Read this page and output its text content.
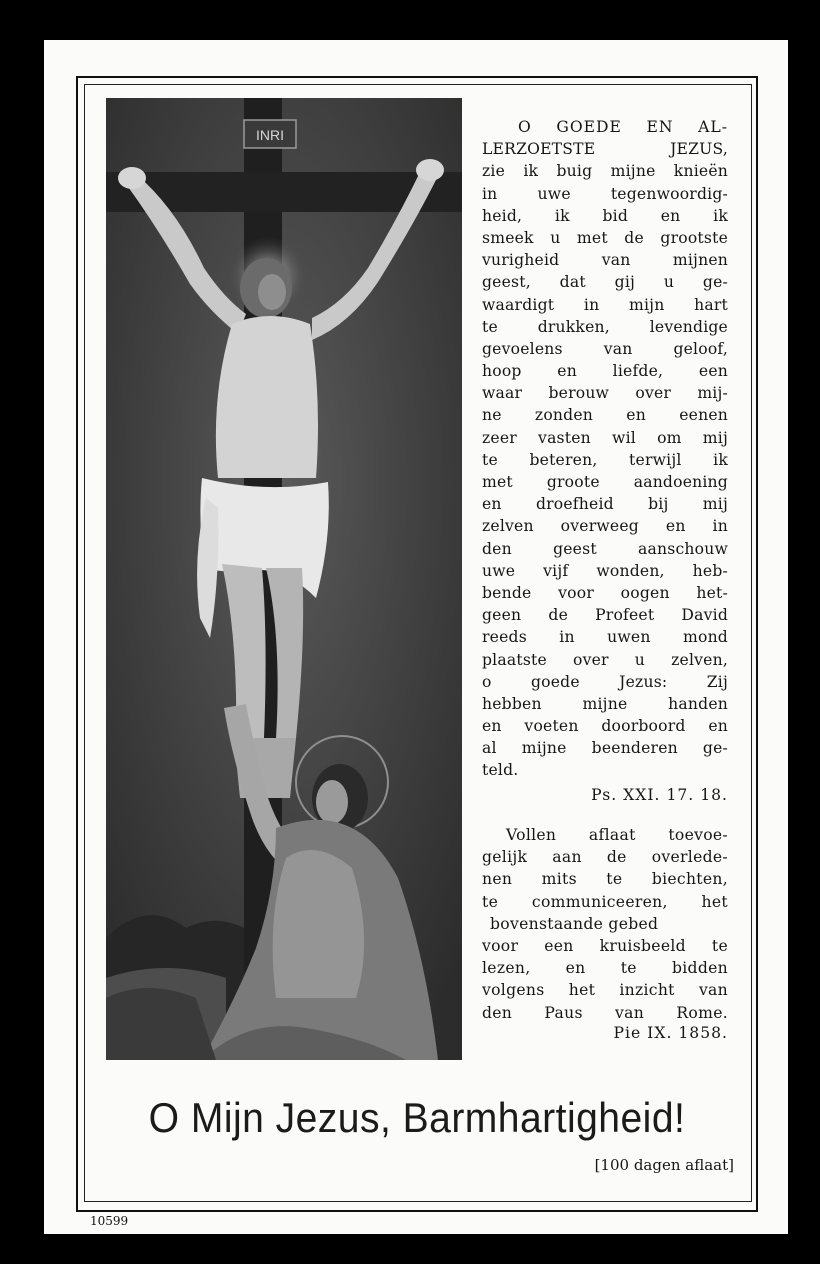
INRI	O GOEDE EN AL-
LERZOETSTE JEZUS,
zie ik buig mijne knieën
in uwe tegenwoordig-
heid, ik bid en ik
smeek u met de grootste
vurigheid van mijnen
geest, dat gij u ge-
waardigt in mijn hart
te drukken, levendige
gevoelens van geloof,
hoop en liefde, een
waar berouw over mij-
ne zonden en eenen
zeer vasten wil om mij
te beteren, terwijl ik
met groote aandoening
en droefheid bij mij
zelven overweeg en in
den geest aanschouw
uwe vijf wonden, heb-
bende voor oogen het-
geen de Profeet David
reeds in uwen mond
plaatste over u zelven,
o goede Jezus: Zij
hebben mijne handen
en voeten doorboord en
al mijne beenderen ge-
teld.
Ps. XXI. 17. 18.
Vollen aflaat toevoe-
gelijk aan de overlede-
nen mits te biechten,
te communiceeren, het
bovenstaande gebed
voor een kruisbeeld te
lezen, en te bidden
volgens het inzicht van
den Paus van Rome.
Pie IX. 1858.
O Mijn Jezus, Barmhartigheid!
[100 dagen aflaat]
10599
